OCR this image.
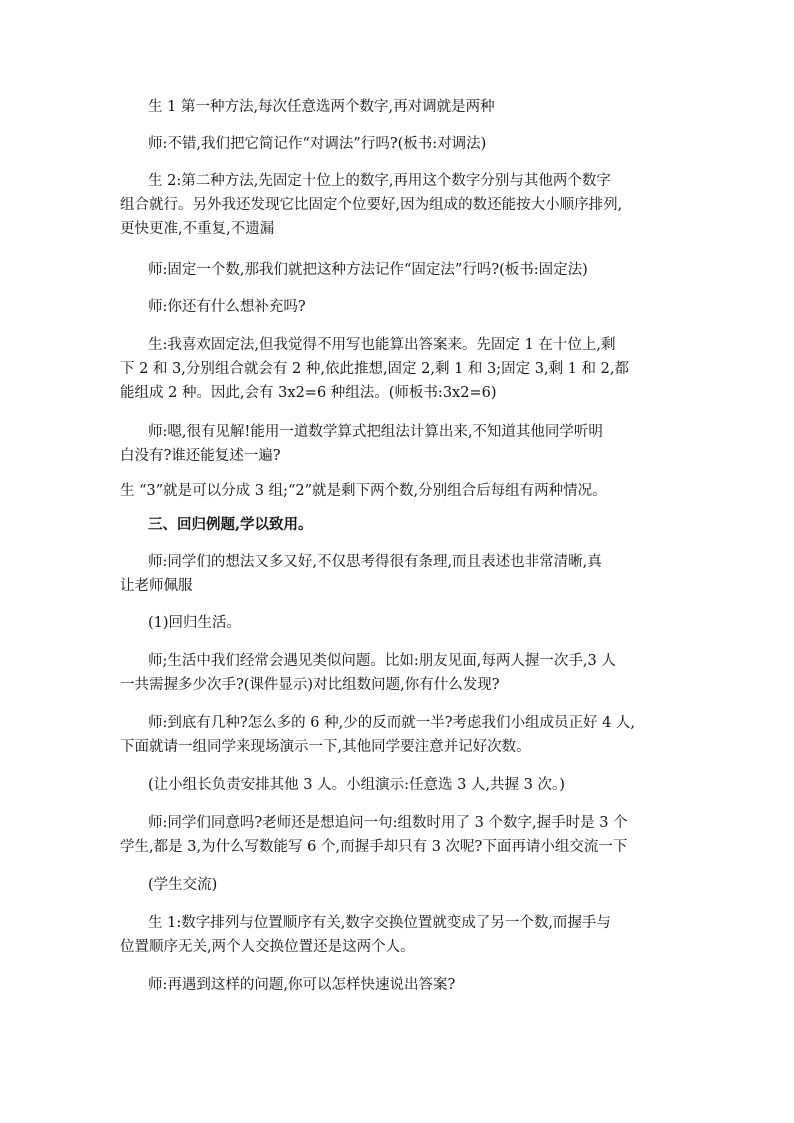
生 1 第一种方法,每次任意选两个数字,再对调就是两种
师:不错,我们把它简记作“对调法”行吗?(板书:对调法)
生 2:第二种方法,先固定十位上的数字,再用这个数字分别与其他两个数字
组合就行。另外我还发现它比固定个位要好,因为组成的数还能按大小顺序排列,
更快更准,不重复,不遗漏
师:固定一个数,那我们就把这种方法记作“固定法”行吗?(板书:固定法)
师:你还有什么想补充吗?
生:我喜欢固定法,但我觉得不用写也能算出答案来。先固定 1 在十位上,剩
下 2 和 3,分别组合就会有 2 种,依此推想,固定 2,剩 1 和 3;固定 3,剩 1 和 2,都
能组成 2 种。因此,会有 3x2=6 种组法。(师板书:3x2=6)
师:嗯,很有见解!能用一道数学算式把组法计算出来,不知道其他同学听明
白没有?谁还能复述一遍?
生 “3”就是可以分成 3 组;“2”就是剩下两个数,分别组合后每组有两种情况。
三、回归例题,学以致用。
师:同学们的想法又多又好,不仅思考得很有条理,而且表述也非常清晰,真
让老师佩服
(1)回归生活。
师;生活中我们经常会遇见类似问题。比如:朋友见面,每两人握一次手,3 人
一共需握多少次手?(课件显示)对比组数问题,你有什么发现?
师:到底有几种?怎么多的 6 种,少的反而就一半?考虑我们小组成员正好 4 人,
下面就请一组同学来现场演示一下,其他同学要注意并记好次数。
(让小组长负责安排其他 3 人。小组演示:任意选 3 人,共握 3 次。)
师:同学们同意吗?老师还是想追问一句:组数时用了 3 个数字,握手时是 3 个
学生,都是 3,为什么写数能写 6 个,而握手却只有 3 次呢?下面再请小组交流一下
(学生交流)
生 1:数字排列与位置顺序有关,数字交换位置就变成了另一个数,而握手与
位置顺序无关,两个人交换位置还是这两个人。
师:再遇到这样的问题,你可以怎样快速说出答案?
